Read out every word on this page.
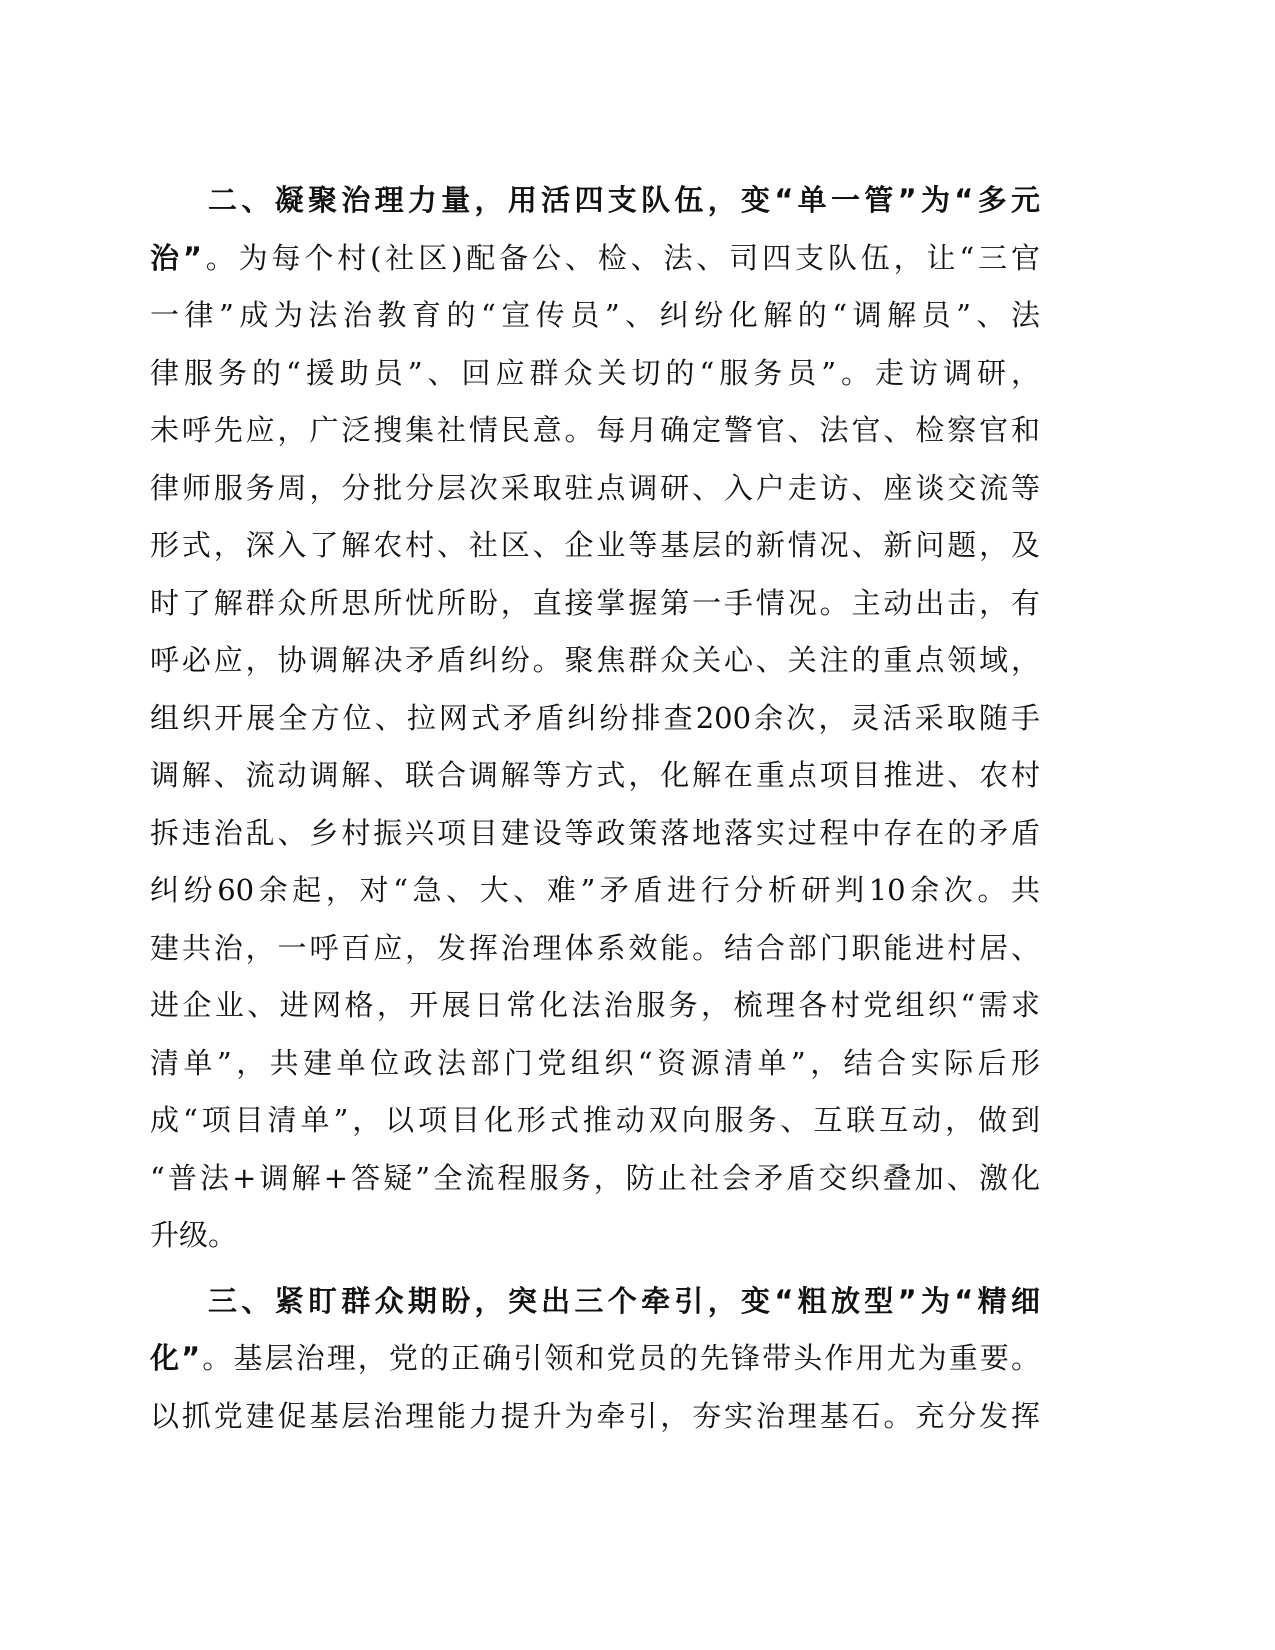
二、凝聚治理力量，用活四支队伍，变“单一管”为“多元
治”。为每个村(社区)配备公、检、法、司四支队伍，让“三官
一律”成为法治教育的“宣传员”、纠纷化解的“调解员”、法
律服务的“援助员”、回应群众关切的“服务员”。走访调研，
未呼先应，广泛搜集社情民意。每月确定警官、法官、检察官和
律师服务周，分批分层次采取驻点调研、入户走访、座谈交流等
形式，深入了解农村、社区、企业等基层的新情况、新问题，及
时了解群众所思所忧所盼，直接掌握第一手情况。主动出击，有
呼必应，协调解决矛盾纠纷。聚焦群众关心、关注的重点领域，
组织开展全方位、拉网式矛盾纠纷排查200余次，灵活采取随手
调解、流动调解、联合调解等方式，化解在重点项目推进、农村
拆违治乱、乡村振兴项目建设等政策落地落实过程中存在的矛盾
纠纷60余起，对“急、大、难”矛盾进行分析研判10余次。共
建共治，一呼百应，发挥治理体系效能。结合部门职能进村居、
进企业、进网格，开展日常化法治服务，梳理各村党组织“需求
清单”，共建单位政法部门党组织“资源清单”，结合实际后形
成“项目清单”，以项目化形式推动双向服务、互联互动，做到
“普法+调解+答疑”全流程服务，防止社会矛盾交织叠加、激化
升级。
三、紧盯群众期盼，突出三个牵引，变“粗放型”为“精细
化”。基层治理，党的正确引领和党员的先锋带头作用尤为重要。
以抓党建促基层治理能力提升为牵引，夯实治理基石。充分发挥
